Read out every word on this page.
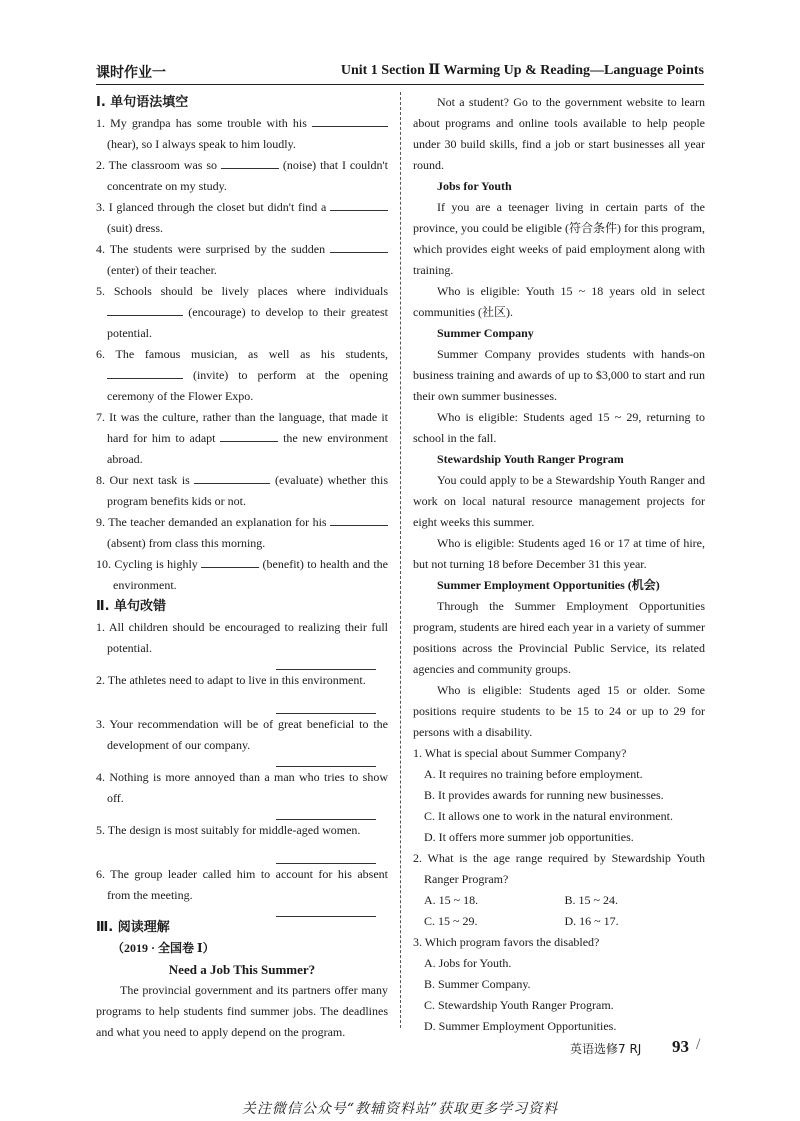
课时作业一	Unit 1 Section Ⅱ Warming Up & Reading—Language Points
Ⅰ. 单句语法填空
1. My grandpa has some trouble with his  (hear), so I always speak to him loudly.
2. The classroom was so	(noise) that I couldn't concentrate on my study.
3. I glanced through the closet but didn't find a  (suit) dress.
4. The students were surprised by the sudden  (enter) of their teacher.
5. Schools should be lively places where individuals  (encourage) to develop to their greatest potential.
6. The famous musician, as well as his students,  (invite) to perform at the opening ceremony of the Flower Expo.
7. It was the culture, rather than the language, that made it hard for him to adapt	the new environment abroad.
8. Our next task is	(evaluate) whether this program benefits kids or not.
9. The teacher demanded an explanation for his  (absent) from class this morning.
10. Cycling is highly	(benefit) to health and the environment.
Ⅱ. 单句改错
1. All children should be encouraged to realizing their full potential.
2. The athletes need to adapt to live in this environment.
3. Your recommendation will be of great beneficial to the development of our company.
4. Nothing is more annoyed than a man who tries to show off.
5. The design is most suitably for middle-aged women.
6. The group leader called him to account for his absent from the meeting.
Ⅲ. 阅读理解
（2019 · 全国卷 Ⅰ）
Need a Job This Summer?
The provincial government and its partners offer many programs to help students find summer jobs. The deadlines and what you need to apply depend on the program.
Not a student? Go to the government website to learn about programs and online tools available to help people under 30 build skills, find a job or start businesses all year round.
Jobs for Youth
If you are a teenager living in certain parts of the province, you could be eligible (符合条件) for this program, which provides eight weeks of paid employment along with training.
Who is eligible: Youth 15 ~ 18 years old in select communities (社区).
Summer Company
Summer Company provides students with hands-on business training and awards of up to $3,000 to start and run their own summer businesses.
Who is eligible: Students aged 15 ~ 29, returning to school in the fall.
Stewardship Youth Ranger Program
You could apply to be a Stewardship Youth Ranger and work on local natural resource management projects for eight weeks this summer.
Who is eligible: Students aged 16 or 17 at time of hire, but not turning 18 before December 31 this year.
Summer Employment Opportunities (机会)
Through the Summer Employment Opportunities program, students are hired each year in a variety of summer positions across the Provincial Public Service, its related agencies and community groups.
Who is eligible: Students aged 15 or older. Some positions require students to be 15 to 24 or up to 29 for persons with a disability.
1. What is special about Summer Company?
A. It requires no training before employment.
B. It provides awards for running new businesses.
C. It allows one to work in the natural environment.
D. It offers more summer job opportunities.
2. What is the age range required by Stewardship Youth Ranger Program?
A. 15 ~ 18.	B. 15 ~ 24.
C. 15 ~ 29.	D. 16 ~ 17.
3. Which program favors the disabled?
A. Jobs for Youth.
B. Summer Company.
C. Stewardship Youth Ranger Program.
D. Summer Employment Opportunities.
英语选修7 RJ 93 /
关注微信公众号“教辅资料站”获取更多学习资料
